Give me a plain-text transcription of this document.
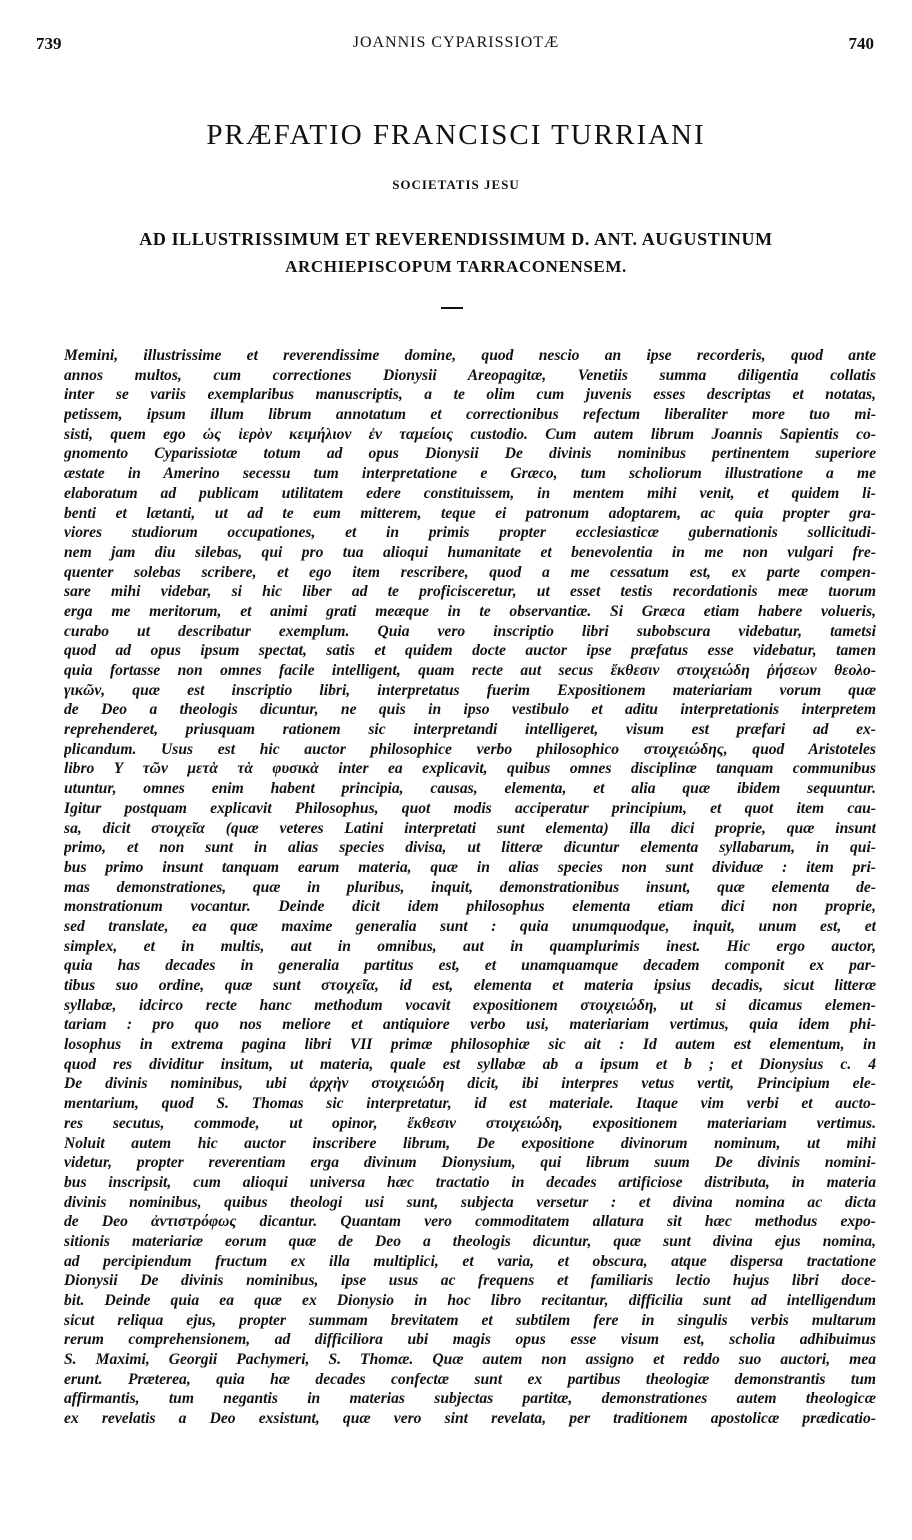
739	JOANNIS CYPARISSIOTÆ	740
PRÆFATIO FRANCISCI TURRIANI
SOCIETATIS JESU
AD ILLUSTRISSIMUM ET REVERENDISSIMUM D. ANT. AUGUSTINUM
ARCHIEPISCOPUM TARRACONENSEM.
Memini, illustrissime et reverendissime domine, quod nescio an ipse recorderis, quod ante
annos multos, cum correctiones Dionysii Areopagitæ, Venetiis summa diligentia collatis
inter se variis exemplaribus manuscriptis, a te olim cum juvenis esses descriptas et notatas,
petissem, ipsum illum librum annotatum et correctionibus refectum liberaliter more tuo mi-
sisti, quem ego ὡς ἱερὸν κειμήλιον ἐν ταμείοις custodio. Cum autem librum Joannis Sapientis co-
gnomento Cyparissiotæ totum ad opus Dionysii De divinis nominibus pertinentem superiore
æstate in Amerino secessu tum interpretatione e Græco, tum scholiorum illustratione a me
elaboratum ad publicam utilitatem edere constituissem, in mentem mihi venit, et quidem li-
benti et lætanti, ut ad te eum mitterem, teque ei patronum adoptarem, ac quia propter gra-
viores studiorum occupationes, et in primis propter ecclesiasticæ gubernationis sollicitudi-
nem jam diu silebas, qui pro tua alioqui humanitate et benevolentia in me non vulgari fre-
quenter solebas scribere, et ego item rescribere, quod a me cessatum est, ex parte compen-
sare mihi videbar, si hic liber ad te proficisceretur, ut esset testis recordationis meæ tuorum
erga me meritorum, et animi grati meæque in te observantiæ. Si Græca etiam habere volueris,
curabo ut describatur exemplum. Quia vero inscriptio libri subobscura videbatur, tametsi
quod ad opus ipsum spectat, satis et quidem docte auctor ipse præfatus esse videbatur, tamen
quia fortasse non omnes facile intelligent, quam recte aut secus ἔκθεσιν στοιχειώδη ῥήσεων θεολο-
γικῶν, quæ est inscriptio libri, interpretatus fuerim Expositionem materiariam vorum quæ
de Deo a theologis dicuntur, ne quis in ipso vestibulo et aditu interpretationis interpretem
reprehenderet, priusquam rationem sic interpretandi intelligeret, visum est præfari ad ex-
plicandum. Usus est hic auctor philosophice verbo philosophico στοιχειώδης, quod Aristoteles
libro Υ τῶν μετὰ τὰ φυσικὰ inter ea explicavit, quibus omnes disciplinæ tanquam communibus
utuntur, omnes enim habent principia, causas, elementa, et alia quæ ibidem sequuntur.
Igitur postquam explicavit Philosophus, quot modis acciperatur principium, et quot item cau-
sa, dicit στοιχεῖα (quæ veteres Latini interpretati sunt elementa) illa dici proprie, quæ insunt
primo, et non sunt in alias species divisa, ut litteræ dicuntur elementa syllabarum, in qui-
bus primo insunt tanquam earum materia, quæ in alias species non sunt dividuæ : item pri-
mas demonstrationes, quæ in pluribus, inquit, demonstrationibus insunt, quæ elementa de-
monstrationum vocantur. Deinde dicit idem philosophus elementa etiam dici non proprie,
sed translate, ea quæ maxime generalia sunt : quia unumquodque, inquit, unum est, et
simplex, et in multis, aut in omnibus, aut in quamplurimis inest. Hic ergo auctor,
quia has decades in generalia partitus est, et unamquamque decadem componit ex par-
tibus suo ordine, quæ sunt στοιχεῖα, id est, elementa et materia ipsius decadis, sicut litteræ
syllabæ, idcirco recte hanc methodum vocavit expositionem στοιχειώδη, ut si dicamus elemen-
tariam : pro quo nos meliore et antiquiore verbo usi, materiariam vertimus, quia idem phi-
losophus in extrema pagina libri VII primæ philosophiæ sic ait : Id autem est elementum, in
quod res dividitur insitum, ut materia, quale est syllabæ ab a ipsum et b ; et Dionysius c. 4
De divinis nominibus, ubi ἀρχὴν στοιχειώδη dicit, ibi interpres vetus vertit, Principium ele-
mentarium, quod S. Thomas sic interpretatur, id est materiale. Itaque vim verbi et aucto-
res secutus, commode, ut opinor, ἔκθεσιν στοιχειώδη, expositionem materiariam vertimus.
Noluit autem hic auctor inscribere librum, De expositione divinorum nominum, ut mihi
videtur, propter reverentiam erga divinum Dionysium, qui librum suum De divinis nomini-
bus inscripsit, cum alioqui universa hæc tractatio in decades artificiose distributa, in materia
divinis nominibus, quibus theologi usi sunt, subjecta versetur : et divina nomina ac dicta
de Deo ἀντιστρόφως dicantur. Quantam vero commoditatem allatura sit hæc methodus expo-
sitionis materiariæ eorum quæ de Deo a theologis dicuntur, quæ sunt divina ejus nomina,
ad percipiendum fructum ex illa multiplici, et varia, et obscura, atque dispersa tractatione
Dionysii De divinis nominibus, ipse usus ac frequens et familiaris lectio hujus libri doce-
bit. Deinde quia ea quæ ex Dionysio in hoc libro recitantur, difficilia sunt ad intelligendum
sicut reliqua ejus, propter summam brevitatem et subtilem fere in singulis verbis multarum
rerum comprehensionem, ad difficiliora ubi magis opus esse visum est, scholia adhibuimus
S. Maximi, Georgii Pachymeri, S. Thomæ. Quæ autem non assigno et reddo suo auctori, mea
erunt. Præterea, quia hæ decades confectæ sunt ex partibus theologiæ demonstrantis tum
affirmantis, tum negantis in materias subjectas partitæ, demonstrationes autem theologicæ
ex revelatis a Deo exsistunt, quæ vero sint revelata, per traditionem apostolicæ prædicatio-
